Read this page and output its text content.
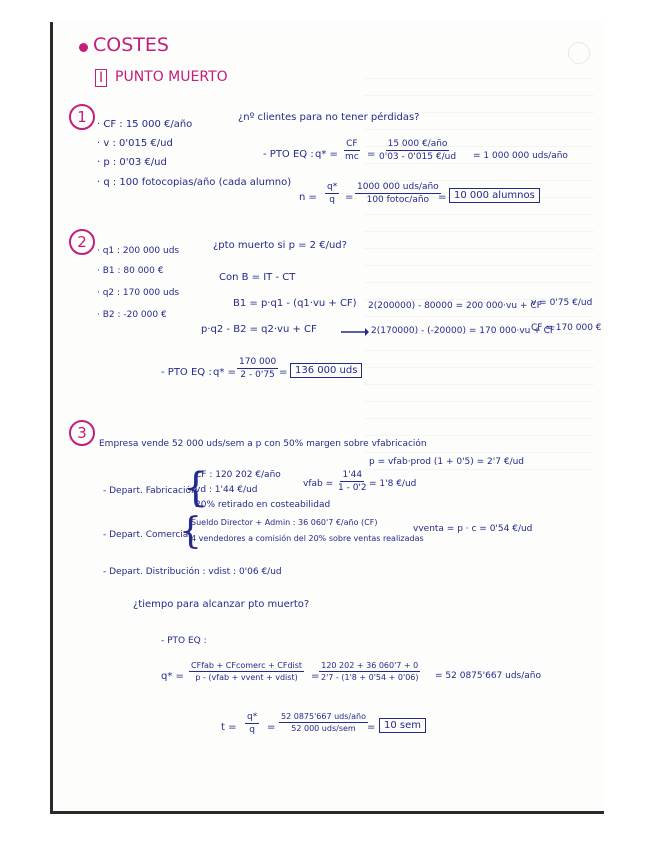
COSTES
I PUNTO MUERTO
1	· CF : 15 000 €/año
· v : 0'015 €/ud
· p : 0'03 €/ud
· q : 100 fotocopias/año (cada alumno)
¿nº clientes para no tener pérdidas?
- PTO EQ : $q* = \frac{CF}{mc}$ =
15 000 €/año
0'03 - 0'015 €/ud = 1 000 000 uds/año
$n = \frac{q*}{q}$ =
1000 000 uds/año
100 fotoc/año = 10 000 alumnos
2	· q1 : 200 000 uds
· B1 : 80 000 €
· q2 : 170 000 uds
· B2 : -20 000 €
¿pto muerto si p = 2 €/ud?
Con B = IT - CT
B1 = p·q1 - (q1·vu + CF) 2(200000) - 80000 = 200 000·vu + CF
v = 0'75 €/ud
p·q2 - B2 = q2·vu + CF	2(170000) - (-20000) = 170 000·vu + CF
CF = 170 000 €
- PTO EQ : $q* = \frac{170 000}{2 - 0'75} = 136$ 000 uds
3
Empresa vende 52 000 uds/sem a p con 50% margen sobre vfabricación
p = vfab·prod (1 + 0'5) = 2'7 €/ud
- Depart. Fabricación
{
CF : 120 202 €/año
vd : 1'44 €/ud
20% retirado en costeabilidad
vfab = $\frac{1'44}{1 - 0'2} = 1'8$ €/ud
- Depart. Comercial
{
Sueldo Director + Admin : 36 060'7 €/año (CF)
4 vendedores a comisión del 20% sobre ventas realizadas
vventa = p · c = 0'54 €/ud
- Depart. Distribución : vdist : 0'06 €/ud
¿tiempo para alcanzar pto muerto?
- PTO EQ :
q* =
CFfab + CFcomerc + CFdist
p - (vfab + vvent + vdist) = $\frac{120 202 + 36 060'7 + 0}{2'7 - (1'8 + 0'54 + 0'06)} = 52$ 0875'667 uds/año
$t = \frac{q*}{q}$ =
52 0875'667 uds/año
52 000 uds/sem = 10 sem
